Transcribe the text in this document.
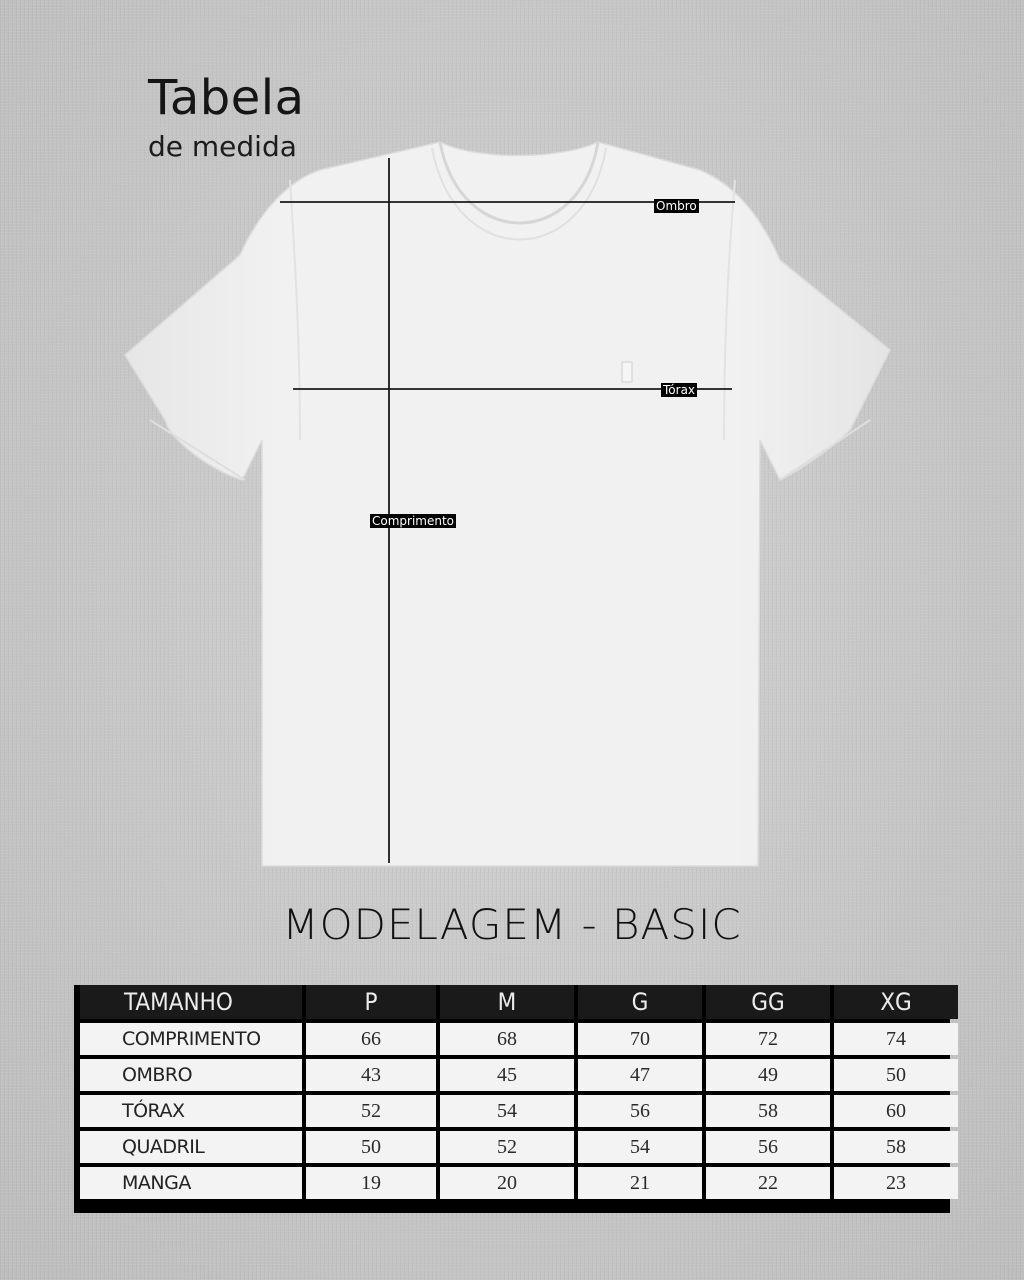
Tabela
de medida
Ombro
Tórax
Comprimento
MODELAGEM - BASIC
TAMANHO	P	M	G	GG	XG
COMPRIMENTO	66	68	70	72	74
OMBRO	43	45	47	49	50
TÓRAX	52	54	56	58	60
QUADRIL	50	52	54	56	58
MANGA	19	20	21	22	23
